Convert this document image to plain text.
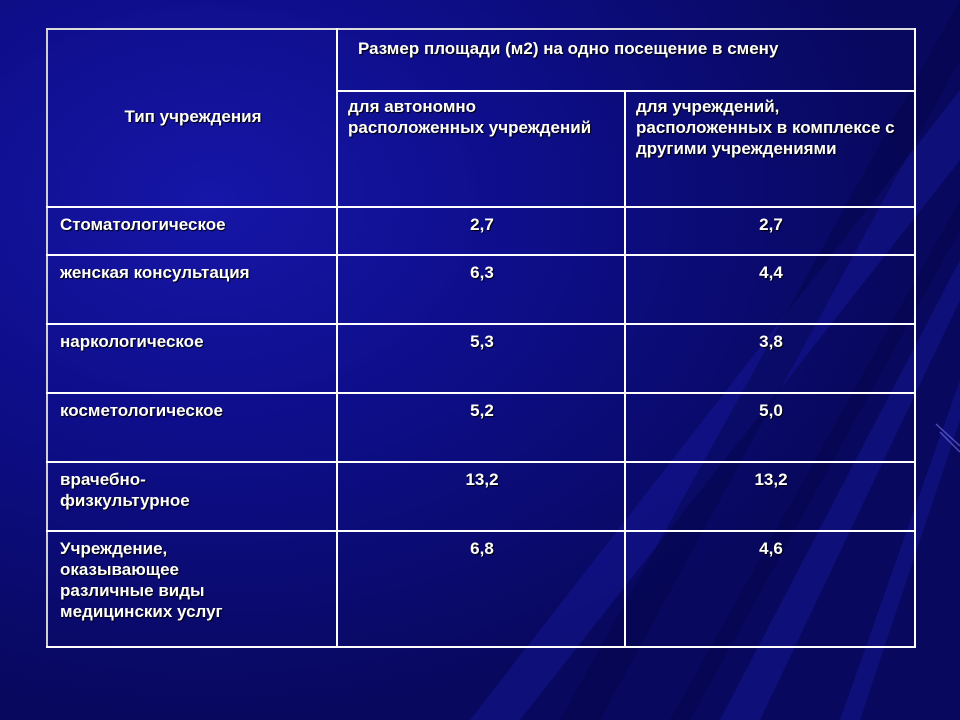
Тип учреждения	Размер площади (м2) на одно посещение в смену	

	для автономно расположенных учреждений	для учреждений, расположенных в комплексе с другими учреждениями

Стоматологическое	2,7	2,7

женская консультация	6,3	4,4

наркологическое	5,3	3,8

косметологическое	5,2	5,0

врачебно-физкультурное	13,2	13,2

Учреждение, оказывающее различные виды медицинских услуг	6,8	4,6
